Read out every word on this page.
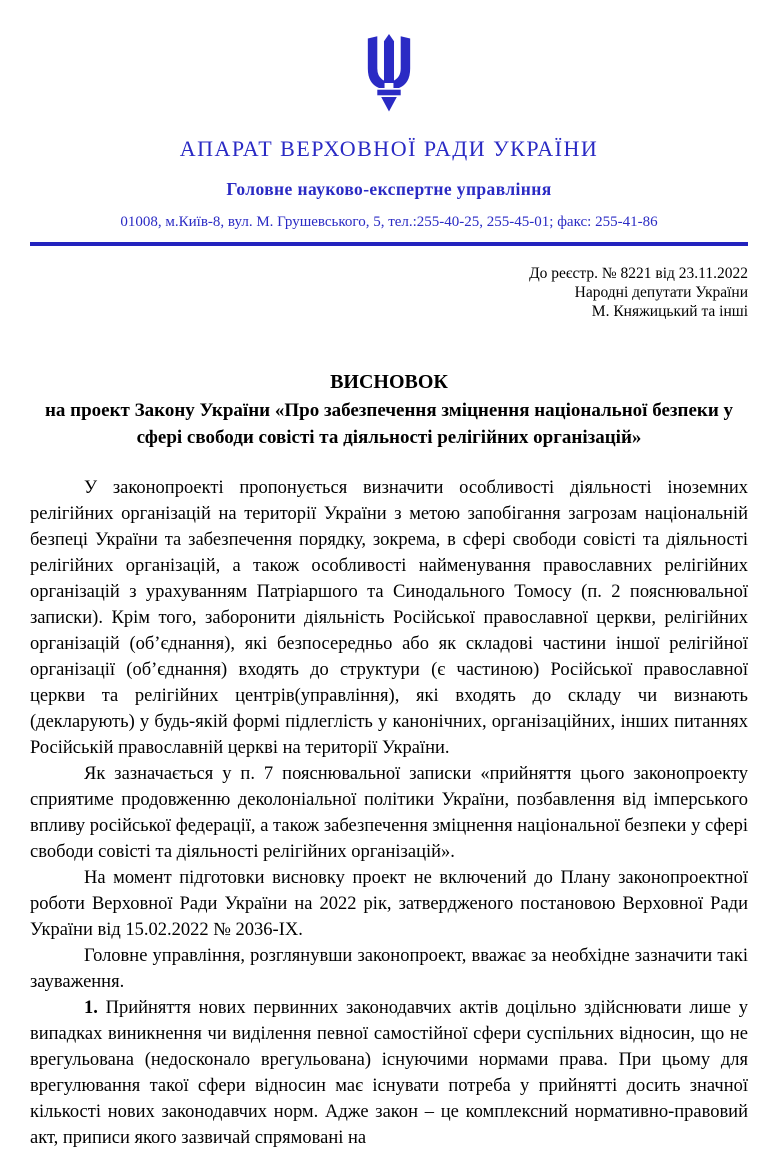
АПАРАТ ВЕРХОВНОЇ РАДИ УКРАЇНИ
Головне науково-експертне управління
01008, м.Київ-8, вул. М. Грушевського, 5, тел.:255-40-25, 255-45-01; факс: 255-41-86
До реєстр. № 8221 від 23.11.2022
Народні депутати України
М. Княжицький та інші
ВИСНОВОК
на проект Закону України «Про забезпечення зміцнення національної безпеки у сфері свободи совісті та діяльності релігійних організацій»

У законопроекті пропонується визначити особливості діяльності іноземних релігійних організацій на території України з метою запобігання загрозам національній безпеці України та забезпечення порядку, зокрема, в сфері свободи совісті та діяльності релігійних організацій, а також особливості найменування православних релігійних організацій з урахуванням Патріаршого та Синодального Томосу (п. 2 пояснювальної записки). Крім того, заборонити діяльність Російської православної церкви, релігійних організацій (об’єднання), які безпосередньо або як складові частини іншої релігійної організації (об’єднання) входять до структури (є частиною) Російської православної церкви та релігійних центрів(управління), які входять до складу чи визнають (декларують) у будь-якій формі підлеглість у канонічних, організаційних, інших питаннях Російській православній церкві на території України.

Як зазначається у п. 7 пояснювальної записки «прийняття цього законопроекту сприятиме продовженню деколоніальної політики України, позбавлення від імперського впливу російської федерації, а також забезпечення зміцнення національної безпеки у сфері свободи совісті та діяльності релігійних організацій».

На момент підготовки висновку проект не включений до Плану законопроектної роботи Верховної Ради України на 2022 рік, затвердженого постановою Верховної Ради України від 15.02.2022 № 2036-IX.

Головне управління, розглянувши законопроект, вважає за необхідне зазначити такі зауваження.

1. Прийняття нових первинних законодавчих актів доцільно здійснювати лише у випадках виникнення чи виділення певної самостійної сфери суспільних відносин, що не врегульована (недосконало врегульована) існуючими нормами права. При цьому для врегулювання такої сфери відносин має існувати потреба у прийнятті досить значної кількості нових законодавчих норм. Адже закон – це комплексний нормативно-правовий акт, приписи якого зазвичай спрямовані на
